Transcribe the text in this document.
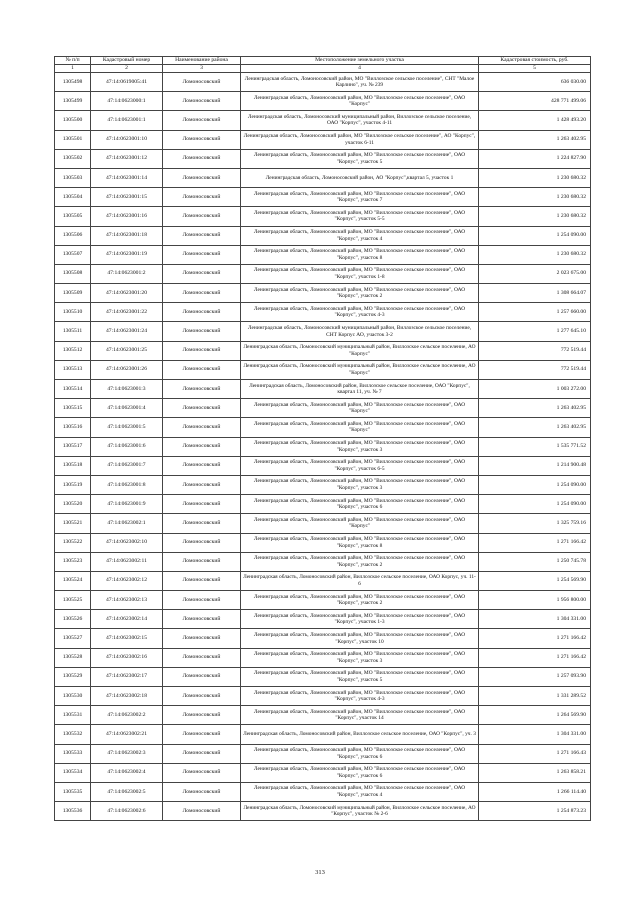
№ п/п	Кадастровый номер	Наименование района	Местоположение земельного участка	Кадастровая стоимость, руб.
1	2	3	4	5
1305498	47:14:0619005:41	Ломоносовский	Ленинградская область, Ломоносовский район, МО "Виллозское сельское поселение", СНТ "Малое Карлино", уч. № 239	636 030.00
1305499	47:14:0623000:1	Ломоносовский	Ленинградская область, Ломоносовский район, МО "Виллозское сельское поселение", ОАО "Корпус"	428 771 499.06
1305500	47:14:0623001:1	Ломоносовский	Ленинградская область, Ломоносовский муниципальный район, Виллозское сельское поселение, ОАО "Корпус", участок 4-11	1 428 493.20
1305501	47:14:0623001:10	Ломоносовский	Ленинградская область, Ломоносовский район, МО "Виллозское сельское поселение", АО "Корпус", участок 6-11	1 263 402.95
1305502	47:14:0623001:12	Ломоносовский	Ленинградская область, Ломоносовский район, МО "Виллозское сельское поселение", ОАО "Корпус", участок 5	1 224 827.90
1305503	47:14:0623001:14	Ломоносовский	Ленинградская область, Ломоносовский район, АО "Корпус",квартал 5, участок 1	1 230 680.32
1305504	47:14:0623001:15	Ломоносовский	Ленинградская область, Ломоносовский район, МО "Виллозское сельское поселение", ОАО "Корпус", участок 7	1 230 680.32
1305505	47:14:0623001:16	Ломоносовский	Ленинградская область, Ломоносовский район, МО "Виллозское сельское поселение", ОАО "Корпус", участок 5-5	1 230 680.32
1305506	47:14:0623001:18	Ломоносовский	Ленинградская область, Ломоносовский район, МО "Виллозское сельское поселение", ОАО "Корпус", участок 4	1 254 090.00
1305507	47:14:0623001:19	Ломоносовский	Ленинградская область, Ломоносовский район, МО "Виллозское сельское поселение", ОАО "Корпус", участок 8	1 230 680.32
1305508	47:14:0623001:2	Ломоносовский	Ленинградская область, Ломоносовский район, МО "Виллозское сельское поселение", ОАО "Корпус", участок 1-8	2 023 675.00
1305509	47:14:0623001:20	Ломоносовский	Ленинградская область, Ломоносовский район, МО "Виллозское сельское поселение", ОАО "Корпус", участок 2	1 308 664.07
1305510	47:14:0623001:22	Ломоносовский	Ленинградская область, Ломоносовский район, МО "Виллозское сельское поселение", ОАО "Корпус", участок 4-3	1 257 660.00
1305511	47:14:0623001:24	Ломоносовский	Ленинградская область, Ломоносовский муниципальный район, Виллозское сельское поселение, СНТ Корпус АО, участок 3-2	1 277 645.10
1305512	47:14:0623001:25	Ломоносовский	Ленинградская область, Ломоносовский муниципальный район, Виллозское сельское поселение, АО "Корпус"	772 519.44
1305513	47:14:0623001:26	Ломоносовский	Ленинградская область, Ломоносовский муниципальный район, Виллозское сельское поселение, АО "Корпус"	772 519.44
1305514	47:14:0623001:3	Ломоносовский	Ленинградская область, Ломоносовский район, Виллозское сельское поселение, ОАО "Корпус", квартал 11, уч. № 7	1 003 272.00
1305515	47:14:0623001:4	Ломоносовский	Ленинградская область, Ломоносовский район, МО "Виллозское сельское поселение", ОАО "Корпус"	1 263 402.95
1305516	47:14:0623001:5	Ломоносовский	Ленинградская область, Ломоносовский район, МО "Виллозское сельское поселение", ОАО "Корпус"	1 263 402.95
1305517	47:14:0623001:6	Ломоносовский	Ленинградская область, Ломоносовский район, МО "Виллозское сельское поселение", ОАО "Корпус", участок 3	1 535 771.52
1305518	47:14:0623001:7	Ломоносовский	Ленинградская область, Ломоносовский район, МО "Виллозское сельское поселение", ОАО "Корпус", участок 6-5	1 214 900.48
1305519	47:14:0623001:8	Ломоносовский	Ленинградская область, Ломоносовский район, МО "Виллозское сельское поселение", ОАО "Корпус", участок 3	1 254 090.00
1305520	47:14:0623001:9	Ломоносовский	Ленинградская область, Ломоносовский район, МО "Виллозское сельское поселение", ОАО "Корпус", участок 6	1 254 090.00
1305521	47:14:0623002:1	Ломоносовский	Ленинградская область, Ломоносовский район, МО "Виллозское сельское поселение", ОАО "Корпус"	1 325 759.16
1305522	47:14:0623002:10	Ломоносовский	Ленинградская область, Ломоносовский район, МО "Виллозское сельское поселение", ОАО "Корпус", участок 8	1 271 166.42
1305523	47:14:0623002:11	Ломоносовский	Ленинградская область, Ломоносовский район, МО "Виллозское сельское поселение", ОАО "Корпус", участок 2	1 250 745.78
1305524	47:14:0623002:12	Ломоносовский	Ленинградская область, Ломоносовский район, Виллозское сельское поселение, ОАО Корпус, уч. 11-6	1 254 569.90
1305525	47:14:0623002:13	Ломоносовский	Ленинградская область, Ломоносовский район, МО "Виллозское сельское поселение", ОАО "Корпус", участок 2	1 956 800.00
1305526	47:14:0623002:14	Ломоносовский	Ленинградская область, Ломоносовский район, МО "Виллозское сельское поселение", ОАО "Корпус", участок 1-3	1 304 331.00
1305527	47:14:0623002:15	Ломоносовский	Ленинградская область, Ломоносовский район, МО "Виллозское сельское поселение", ОАО "Корпус", участок 10	1 271 166.42
1305528	47:14:0623002:16	Ломоносовский	Ленинградская область, Ломоносовский район, МО "Виллозское сельское поселение", ОАО "Корпус", участок 3	1 271 166.42
1305529	47:14:0623002:17	Ломоносовский	Ленинградская область, Ломоносовский район, МО "Виллозское сельское поселение", ОАО "Корпус", участок 5	1 257 093.90
1305530	47:14:0623002:18	Ломоносовский	Ленинградская область, Ломоносовский район, МО "Виллозское сельское поселение", ОАО "Корпус", участок 4-3	1 331 289.52
1305531	47:14:0623002:2	Ломоносовский	Ленинградская область, Ломоносовский район, МО "Виллозское сельское поселение", ОАО "Корпус", участок 14	1 264 569.90
1305532	47:14:0623002:21	Ломоносовский	Ленинградская область, Ломоносовский район, Виллозское сельское поселение, ОАО "Корпус", уч. 3	1 304 331.00
1305533	47:14:0623002:3	Ломоносовский	Ленинградская область, Ломоносовский район, МО "Виллозское сельское поселение", ОАО "Корпус", участок 6	1 271 166.43
1305534	47:14:0623002:4	Ломоносовский	Ленинградская область, Ломоносовский район, МО "Виллозское сельское поселение", ОАО "Корпус", участок 6	1 263 858.21
1305535	47:14:0623002:5	Ломоносовский	Ленинградская область, Ломоносовский район, МО "Виллозское сельское поселение", ОАО "Корпус", участок 4	1 266 114.40
1305536	47:14:0623002:6	Ломоносовский	Ленинградская область, Ломоносовский муниципальный район, Виллозское сельское поселение, АО "Корпус", участок № 2-6	1 254 873.23
313
